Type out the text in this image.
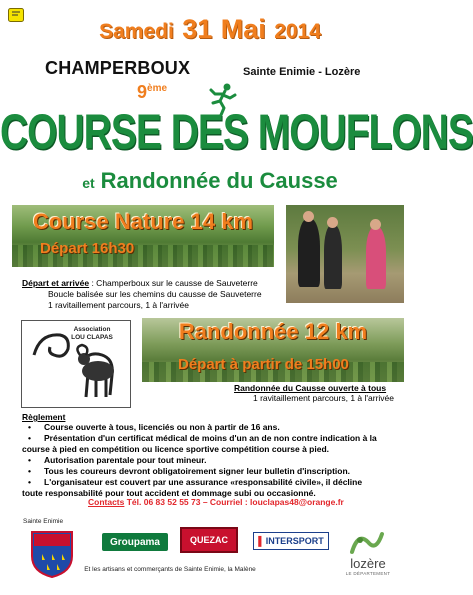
Samedi 31 Mai 2014
CHAMPERBOUX	Sainte Enimie - Lozère
9ème
COURSE DES MOUFLONS
et Randonnée du Causse
Course Nature 14 km
Départ 16h30
Départ et arrivée : Champerboux sur le causse de Sauveterre
Boucle balisée sur les chemins du causse de Sauveterre
1 ravitaillement parcours, 1 à l'arrivée
Association
LOU CLAPAS	Randonnée 12 km
Départ à partir de 15h00
Randonnée du Causse ouverte à tous
1 ravitaillement parcours, 1 à l'arrivée
Règlement
• Course ouverte à tous, licenciés ou non à partir de 16 ans.
• Présentation d'un certificat médical de moins d'un an de non contre indication à la
course à pied en compétition ou licence sportive compétition course à pied.
• Autorisation parentale pour tout mineur.
• Tous les coureurs devront obligatoirement signer leur bulletin d'inscription.
• L'organisateur est couvert par une assurance «responsabilité civile», il décline
toute responsabilité pour tout accident et dommage subi ou occasionné.
Contacts Tél. 06 83 52 55 73 – Courriel : louclapas48@orange.fr
Sainte Enimie
Groupama	QUEZAC	▌ INTERSPORT
lozère
LE DÉPARTEMENT
Et les artisans et commerçants de Sainte Enimie, la Malène
